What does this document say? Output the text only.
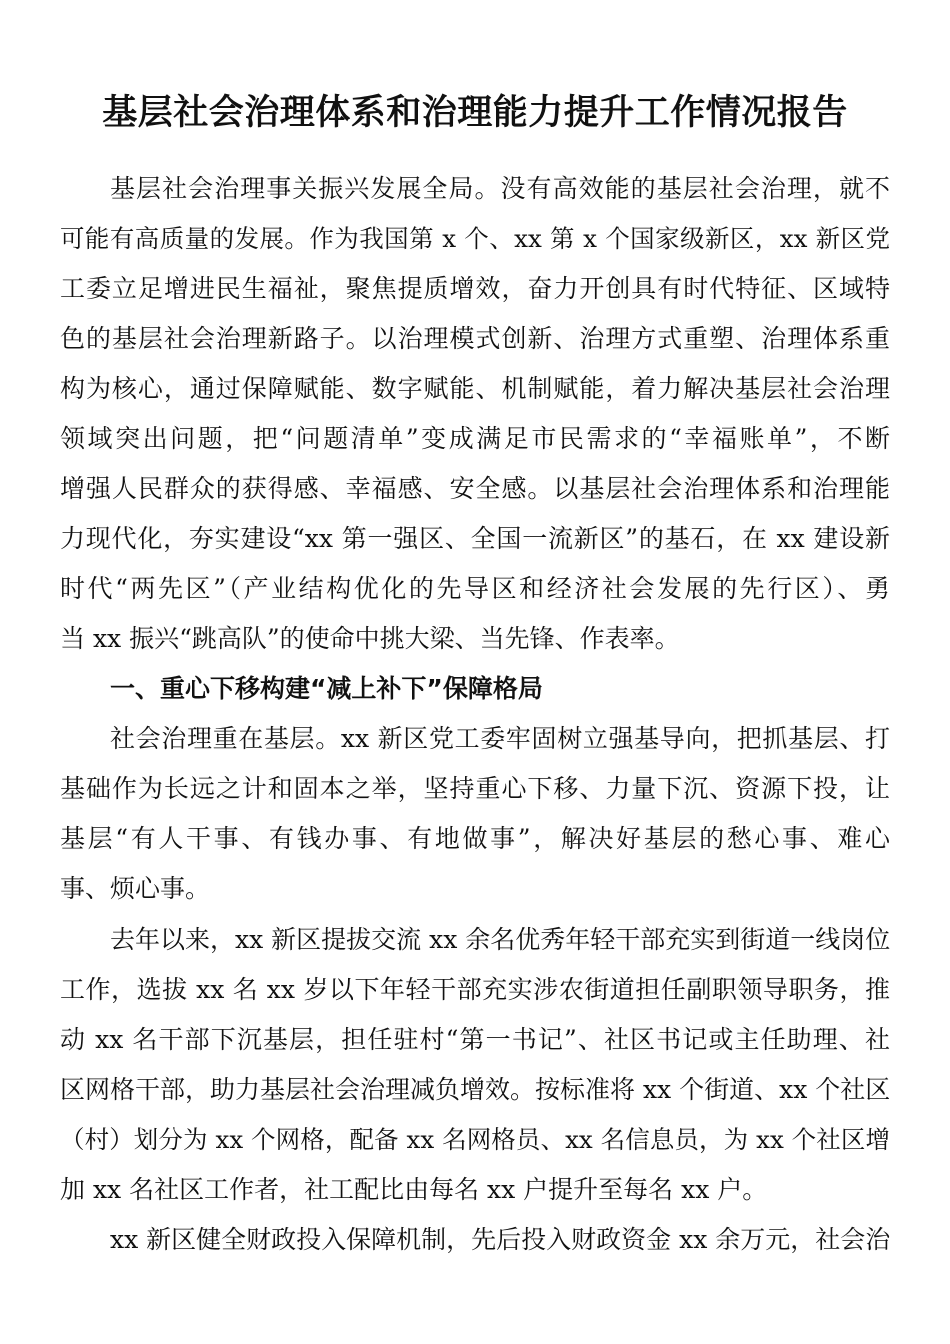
基层社会治理体系和治理能力提升工作情况报告
基层社会治理事关振兴发展全局。没有高效能的基层社会治理，就不
可能有高质量的发展。作为我国第 x 个、xx 第 x 个国家级新区，xx 新区党
工委立足增进民生福祉，聚焦提质增效，奋力开创具有时代特征、区域特
色的基层社会治理新路子。以治理模式创新、治理方式重塑、治理体系重
构为核心，通过保障赋能、数字赋能、机制赋能，着力解决基层社会治理
领域突出问题，把“问题清单”变成满足市民需求的“幸福账单”，不断
增强人民群众的获得感、幸福感、安全感。以基层社会治理体系和治理能
力现代化，夯实建设“xx 第一强区、全国一流新区”的基石，在 xx 建设新
时代“两先区”（产业结构优化的先导区和经济社会发展的先行区）、勇
当 xx 振兴“跳高队”的使命中挑大梁、当先锋、作表率。
一、重心下移构建“减上补下”保障格局
社会治理重在基层。xx 新区党工委牢固树立强基导向，把抓基层、打
基础作为长远之计和固本之举，坚持重心下移、力量下沉、资源下投，让
基层“有人干事、有钱办事、有地做事”，解决好基层的愁心事、难心
事、烦心事。
去年以来，xx 新区提拔交流 xx 余名优秀年轻干部充实到街道一线岗位
工作，选拔 xx 名 xx 岁以下年轻干部充实涉农街道担任副职领导职务，推
动 xx 名干部下沉基层，担任驻村“第一书记”、社区书记或主任助理、社
区网格干部，助力基层社会治理减负增效。按标准将 xx 个街道、xx 个社区
（村）划分为 xx 个网格，配备 xx 名网格员、xx 名信息员，为 xx 个社区增
加 xx 名社区工作者，社工配比由每名 xx 户提升至每名 xx 户。
xx 新区健全财政投入保障机制，先后投入财政资金 xx 余万元，社会治
